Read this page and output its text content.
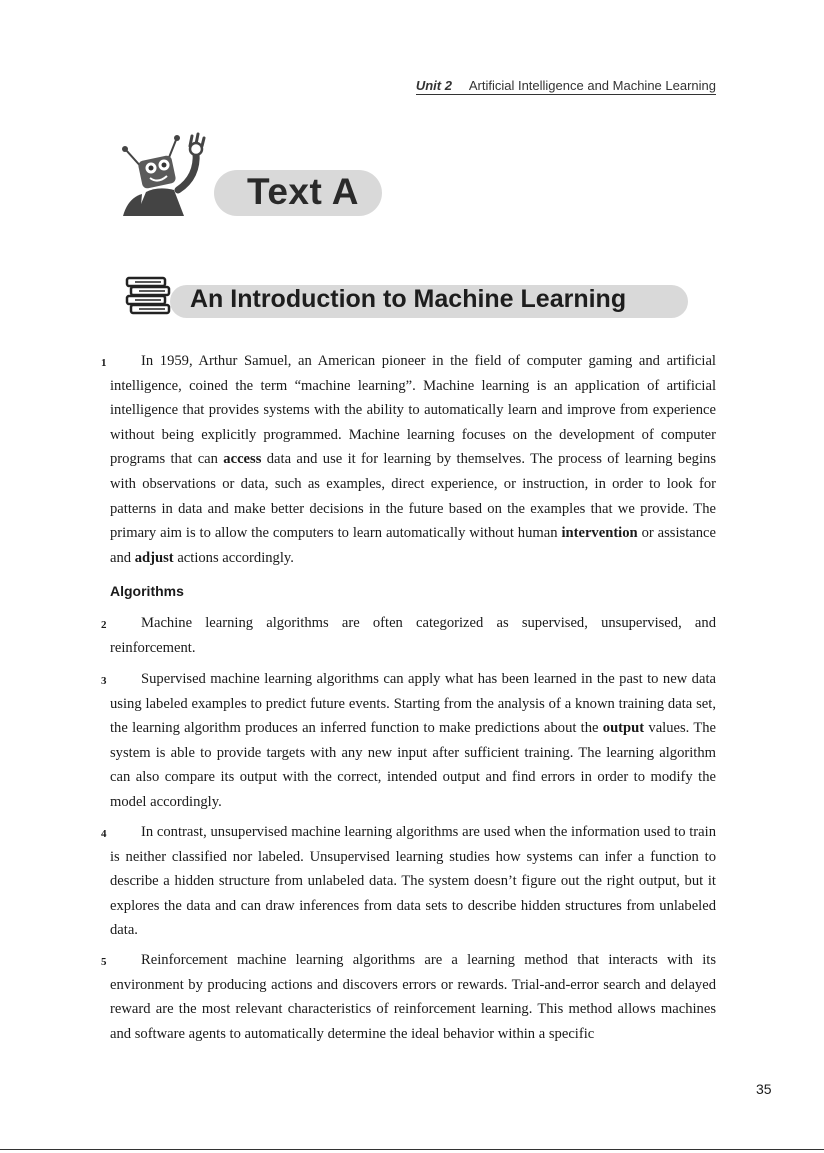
Unit 2 Artificial Intelligence and Machine Learning
Text A
An Introduction to Machine Learning
1 In 1959, Arthur Samuel, an American pioneer in the field of computer gaming and artificial intelligence, coined the term “machine learning”. Machine learning is an application of artificial intelligence that provides systems with the ability to automatically learn and improve from experience without being explicitly programmed. Machine learning focuses on the development of computer programs that can access data and use it for learning by themselves. The process of learning begins with observations or data, such as examples, direct experience, or instruction, in order to look for patterns in data and make better decisions in the future based on the examples that we provide. The primary aim is to allow the computers to learn automatically without human intervention or assistance and adjust actions accordingly.
Algorithms
2 Machine learning algorithms are often categorized as supervised, unsupervised, and reinforcement.
3 Supervised machine learning algorithms can apply what has been learned in the past to new data using labeled examples to predict future events. Starting from the analysis of a known training data set, the learning algorithm produces an inferred function to make predictions about the output values. The system is able to provide targets with any new input after sufficient training. The learning algorithm can also compare its output with the correct, intended output and find errors in order to modify the model accordingly.
4 In contrast, unsupervised machine learning algorithms are used when the information used to train is neither classified nor labeled. Unsupervised learning studies how systems can infer a function to describe a hidden structure from unlabeled data. The system doesn’t figure out the right output, but it explores the data and can draw inferences from data sets to describe hidden structures from unlabeled data.
5 Reinforcement machine learning algorithms are a learning method that interacts with its environment by producing actions and discovers errors or rewards. Trial-and-error search and delayed reward are the most relevant characteristics of reinforcement learning. This method allows machines and software agents to automatically determine the ideal behavior within a specific
35
